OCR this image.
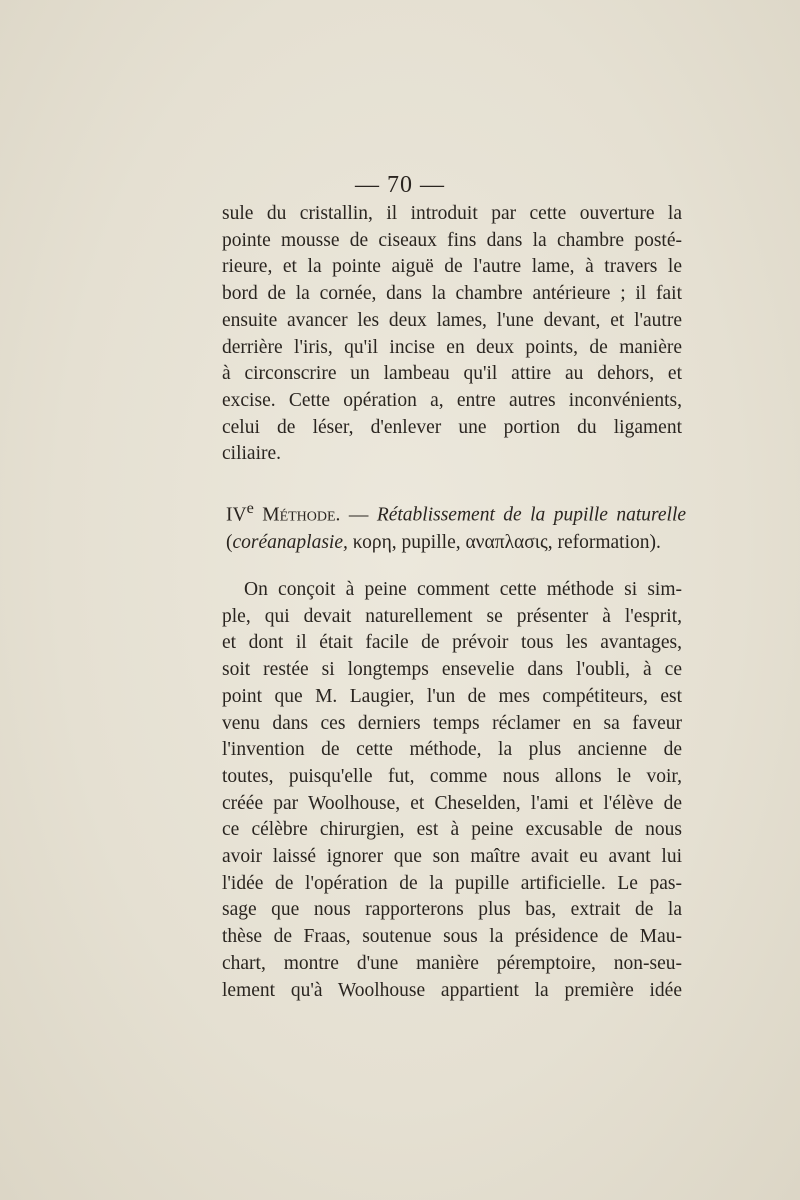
— 70 —
sule du cristallin, il introduit par cette ouverture la
pointe mousse de ciseaux fins dans la chambre posté-
rieure, et la pointe aiguë de l'autre lame, à travers le
bord de la cornée, dans la chambre antérieure ; il fait
ensuite avancer les deux lames, l'une devant, et l'autre
derrière l'iris, qu'il incise en deux points, de manière
à circonscrire un lambeau qu'il attire au dehors, et
excise. Cette opération a, entre autres inconvénients,
celui de léser, d'enlever une portion du ligament
ciliaire.
IVe Méthode. — Rétablissement de la pupille naturelle
(coréanaplasie, κορη, pupille, αναπλασις, reformation).
On conçoit à peine comment cette méthode si sim-
ple, qui devait naturellement se présenter à l'esprit,
et dont il était facile de prévoir tous les avantages,
soit restée si longtemps ensevelie dans l'oubli, à ce
point que M. Laugier, l'un de mes compétiteurs, est
venu dans ces derniers temps réclamer en sa faveur
l'invention de cette méthode, la plus ancienne de
toutes, puisqu'elle fut, comme nous allons le voir,
créée par Woolhouse, et Cheselden, l'ami et l'élève de
ce célèbre chirurgien, est à peine excusable de nous
avoir laissé ignorer que son maître avait eu avant lui
l'idée de l'opération de la pupille artificielle. Le pas-
sage que nous rapporterons plus bas, extrait de la
thèse de Fraas, soutenue sous la présidence de Mau-
chart, montre d'une manière péremptoire, non-seu-
lement qu'à Woolhouse appartient la première idée
